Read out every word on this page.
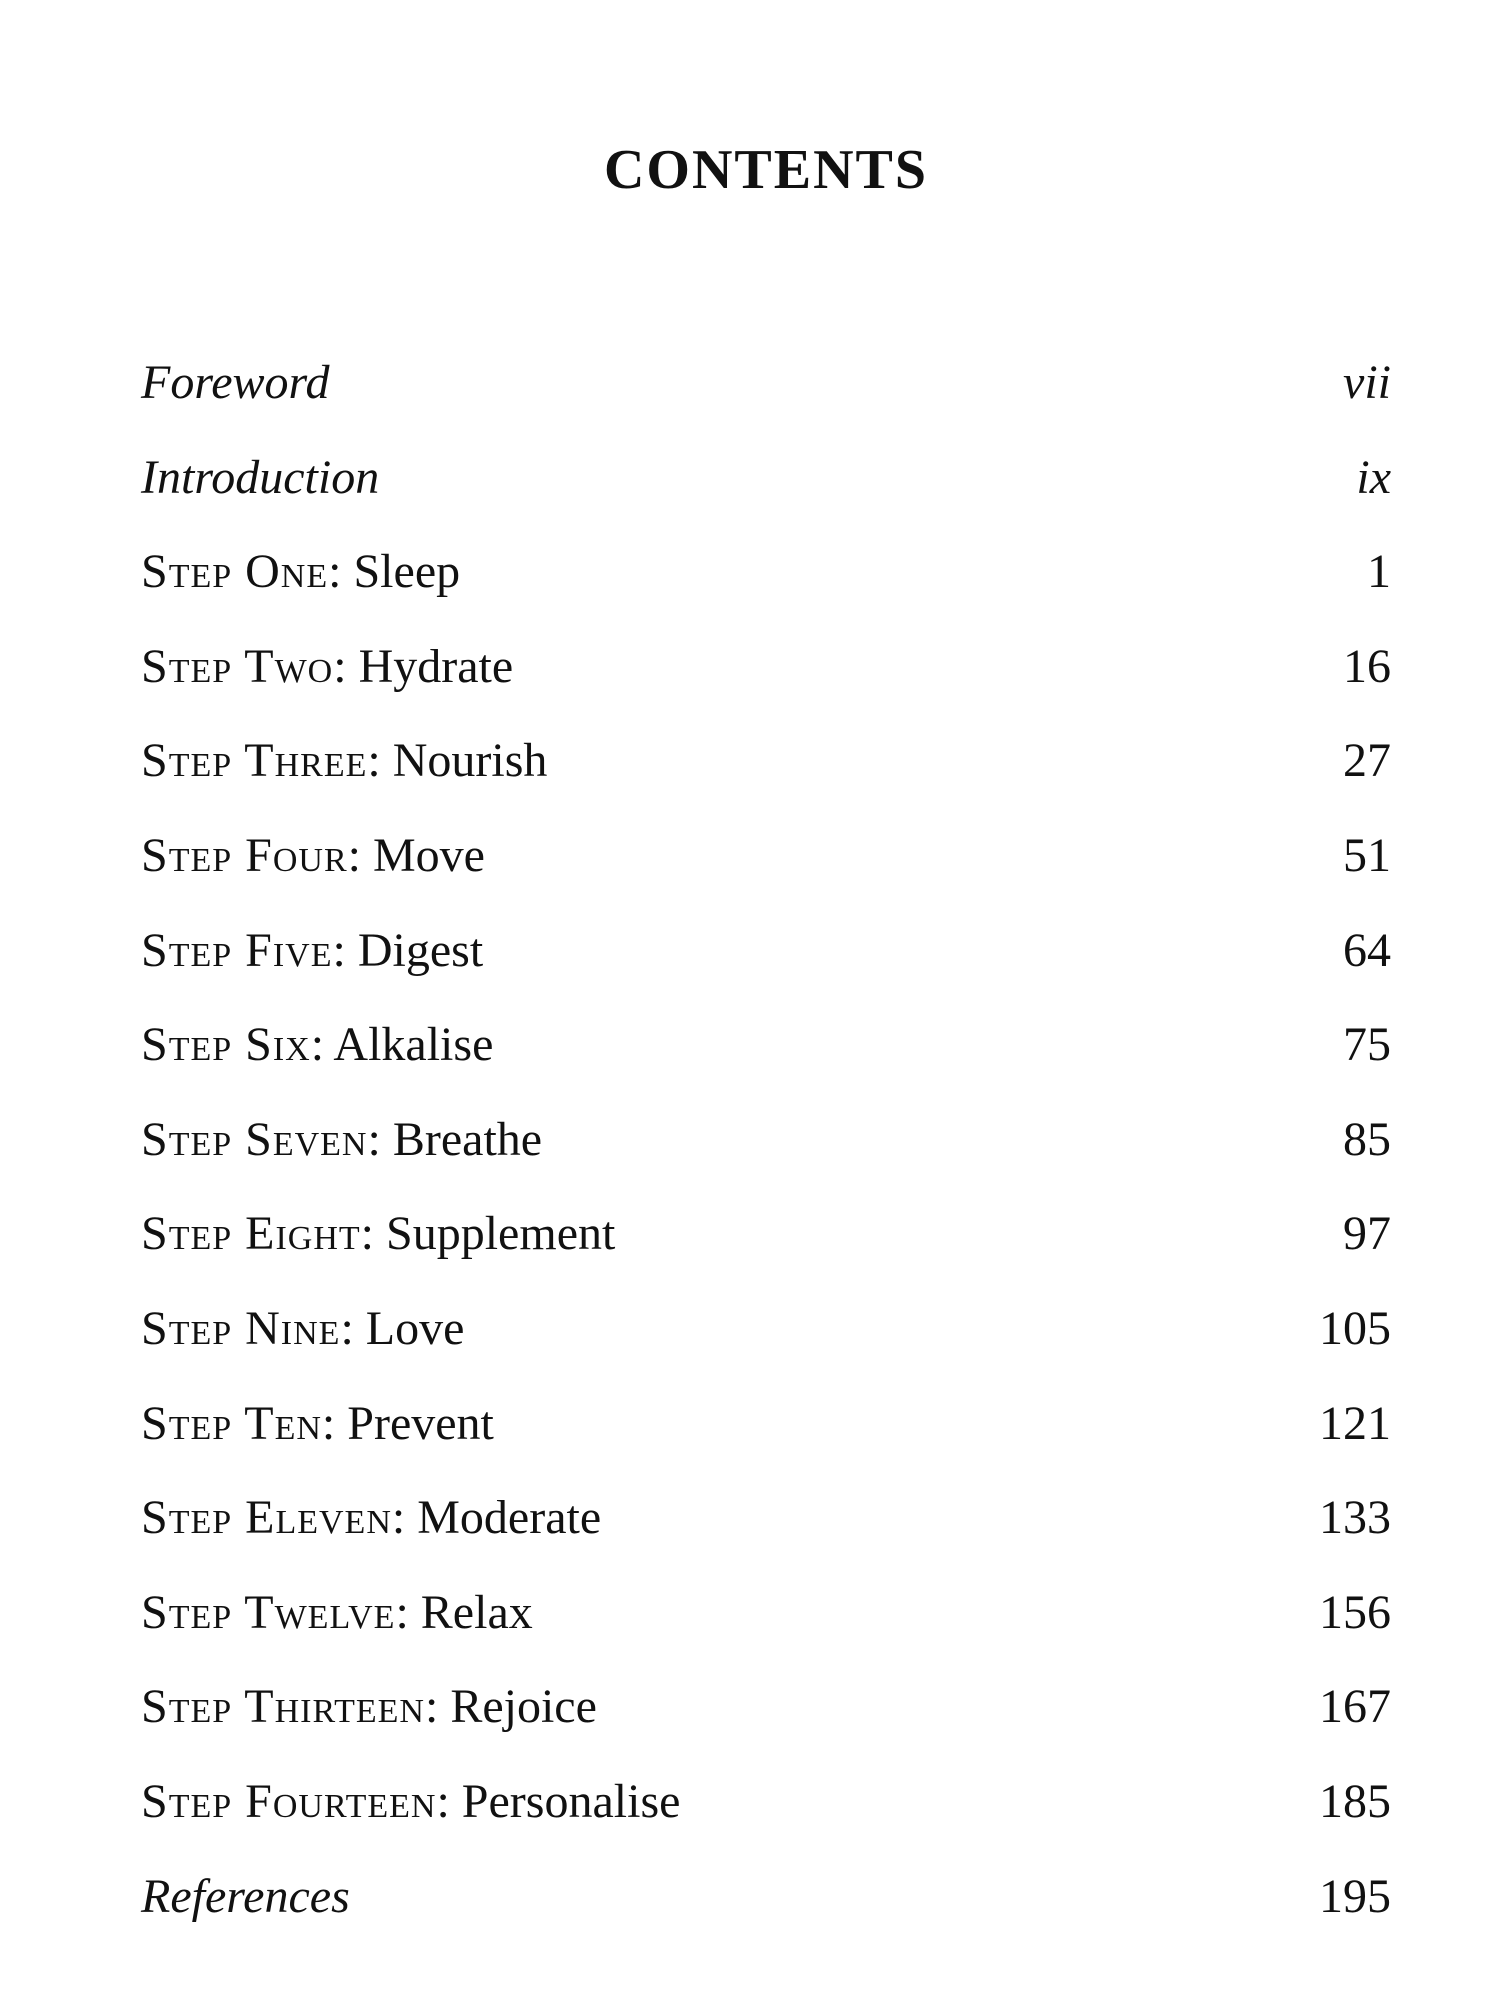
CONTENTS
Foreword	vii
Introduction	ix
Step One: Sleep	1
Step Two: Hydrate	16
Step Three: Nourish	27
Step Four: Move	51
Step Five: Digest	64
Step Six: Alkalise	75
Step Seven: Breathe	85
Step Eight: Supplement	97
Step Nine: Love	105
Step Ten: Prevent	121
Step Eleven: Moderate	133
Step Twelve: Relax	156
Step Thirteen: Rejoice	167
Step Fourteen: Personalise	185
References	195
